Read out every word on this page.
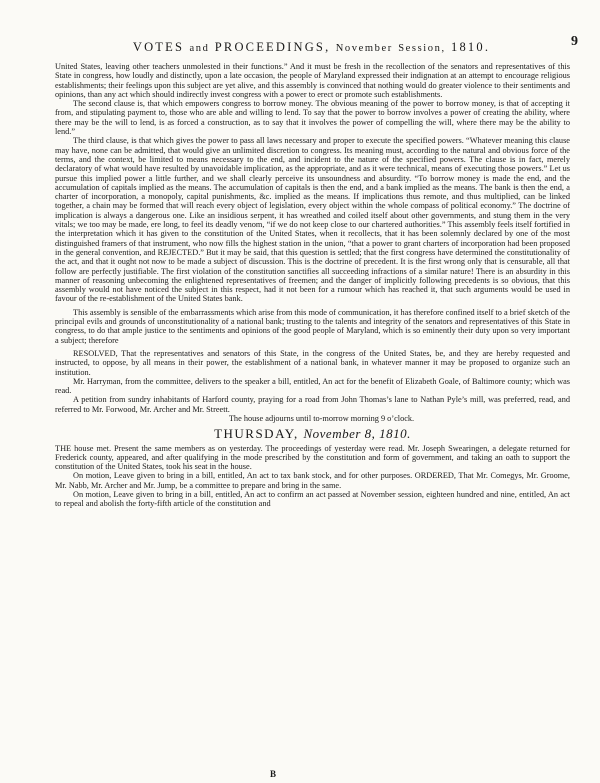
VOTES and PROCEEDINGS, November Session, 1810.	9

United States, leaving other teachers unmolested in their functions.” And it must be fresh in the recollection of the senators and representatives of this State in congress, how loudly and distinctly, upon a late occasion, the people of Maryland expressed their indignation at an attempt to encourage religious establishments; their feelings upon this subject are yet alive, and this assembly is convinced that nothing would do greater violence to their sentiments and opinions, than any act which should indirectly invest congress with a power to erect or promote such establishments.

The second clause is, that which empowers congress to borrow money. The obvious meaning of the power to borrow money, is that of accepting it from, and stipulating payment to, those who are able and willing to lend. To say that the power to borrow involves a power of creating the ability, where there may be the will to lend, is as forced a construction, as to say that it involves the power of compelling the will, where there may be the ability to lend.”

The third clause, is that which gives the power to pass all laws necessary and proper to execute the specified powers. “Whatever meaning this clause may have, none can be admitted, that would give an unlimited discretion to congress. Its meaning must, according to the natural and obvious force of the terms, and the context, be limited to means necessary to the end, and incident to the nature of the specified powers. The clause is in fact, merely declaratory of what would have resulted by unavoidable implication, as the appropriate, and as it were technical, means of executing those powers.” Let us pursue this implied power a little further, and we shall clearly perceive its unsoundness and absurdity. “To borrow money is made the end, and the accumulation of capitals implied as the means. The accumulation of capitals is then the end, and a bank implied as the means. The bank is then the end, a charter of incorporation, a monopoly, capital punishments, &c. implied as the means. If implications thus remote, and thus multiplied, can be linked together, a chain may be formed that will reach every object of legislation, every object within the whole compass of political economy.” The doctrine of implication is always a dangerous one. Like an insidious serpent, it has wreathed and coiled itself about other governments, and stung them in the very vitals; we too may be made, ere long, to feel its deadly venom, “if we do not keep close to our chartered authorities.” This assembly feels itself fortified in the interpretation which it has given to the constitution of the United States, when it recollects, that it has been solemnly declared by one of the most distinguished framers of that instrument, who now fills the highest station in the union, “that a power to grant charters of incorporation had been proposed in the general convention, and REJECTED.” But it may be said, that this question is settled; that the first congress have determined the constitutionality of the act, and that it ought not now to be made a subject of discussion. This is the doctrine of precedent. It is the first wrong only that is censurable, all that follow are perfectly justifiable. The first violation of the constitution sanctifies all succeeding infractions of a similar nature! There is an absurdity in this manner of reasoning unbecoming the enlightened representatives of freemen; and the danger of implicitly following precedents is so obvious, that this assembly would not have noticed the subject in this respect, had it not been for a rumour which has reached it, that such arguments would be used in favour of the re-establishment of the United States bank.

This assembly is sensible of the embarrassments which arise from this mode of communication, it has therefore confined itself to a brief sketch of the principal evils and grounds of unconstitutionality of a national bank; trusting to the talents and integrity of the senators and representatives of this State in congress, to do that ample justice to the sentiments and opinions of the good people of Maryland, which is so eminently their duty upon so very important a subject; therefore

RESOLVED, That the representatives and senators of this State, in the congress of the United States, be, and they are hereby requested and instructed, to oppose, by all means in their power, the establishment of a national bank, in whatever manner it may be proposed to organize such an institution.

Mr. Harryman, from the committee, delivers to the speaker a bill, entitled, An act for the benefit of Elizabeth Goale, of Baltimore county; which was read.

A petition from sundry inhabitants of Harford county, praying for a road from John Thomas’s lane to Nathan Pyle’s mill, was preferred, read, and referred to Mr. Forwood, Mr. Archer and Mr. Streett.

The house adjourns until to-morrow morning 9 o’clock.

THURSDAY, November 8, 1810.

THE house met. Present the same members as on yesterday. The proceedings of yesterday were read. Mr. Joseph Swearingen, a delegate returned for Frederick county, appeared, and after qualifying in the mode prescribed by the constitution and form of government, and taking an oath to support the constitution of the United States, took his seat in the house.

On motion, Leave given to bring in a bill, entitled, An act to tax bank stock, and for other purposes. ORDERED, That Mr. Comegys, Mr. Groome, Mr. Nabb, Mr. Archer and Mr. Jump, be a committee to prepare and bring in the same.

On motion, Leave given to bring in a bill, entitled, An act to confirm an act passed at November session, eighteen hundred and nine, entitled, An act to repeal and abolish the forty-fifth article of the constitution and

B
